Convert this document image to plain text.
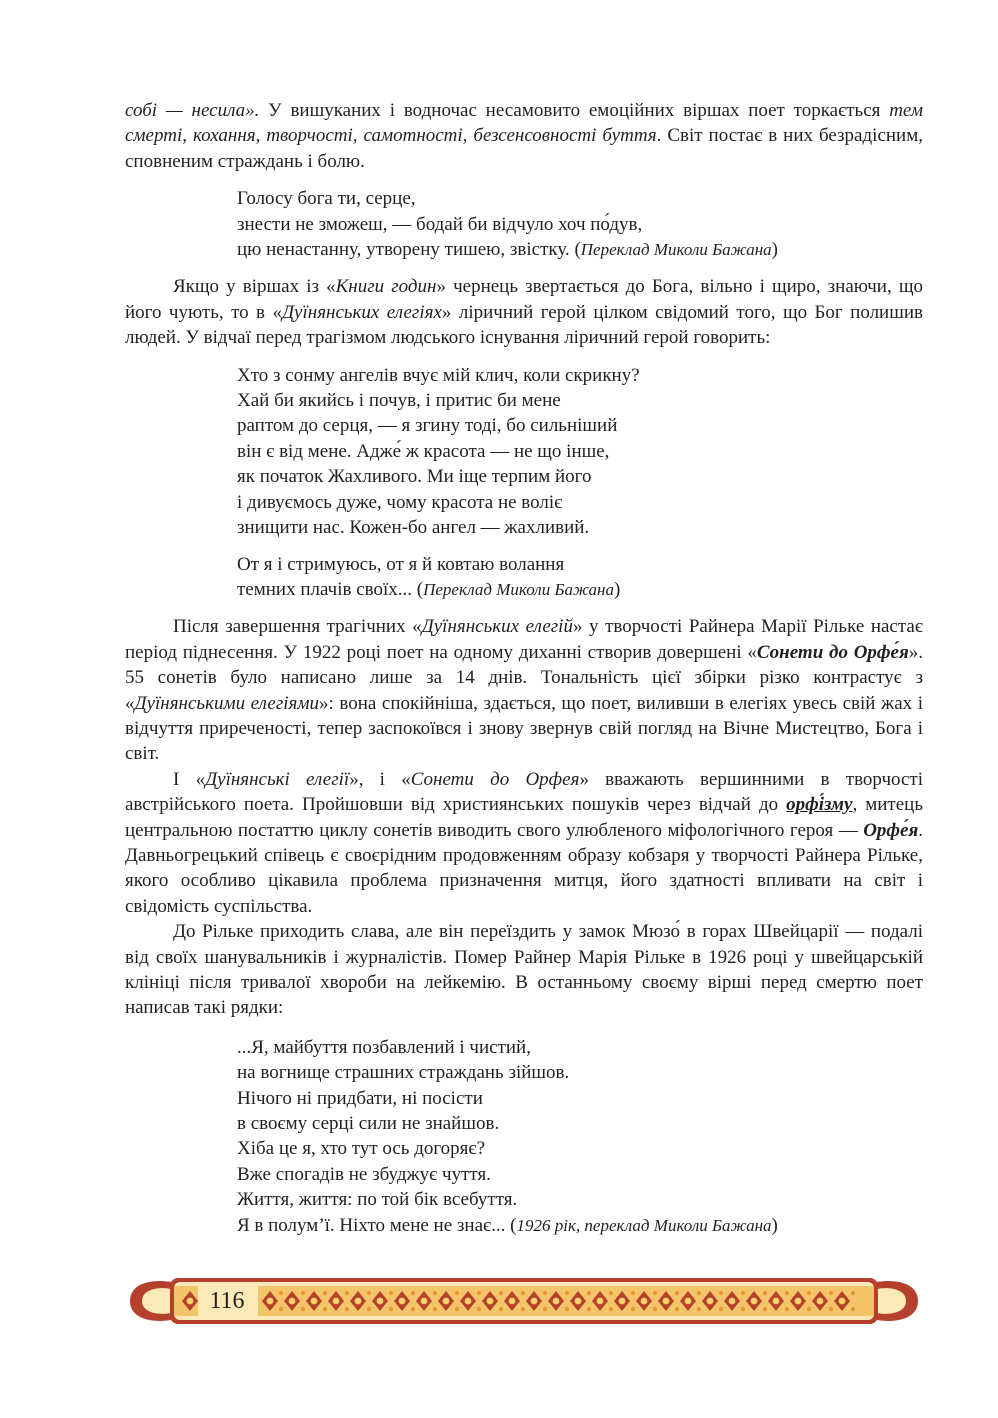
собі — несила». У вишуканих і водночас несамовито емоційних віршах поет торкається тем смерті, кохання, творчості, самотності, безсенсовності буття. Світ постає в них безрадісним, сповненим страждань і болю.

Голосу бога ти, серце,
знести не зможеш, — бодай би відчуло хоч по́дув,
цю ненастанну, утворену тишею, звістку. (Переклад Миколи Бажана)

Якщо у віршах із «Книги годин» чернець звертається до Бога, вільно і щиро, знаючи, що його чують, то в «Дуїнянських елегіях» ліричний герой цілком свідомий того, що Бог полишив людей. У відчаї перед трагізмом людського існування ліричний герой говорить:

Хто з сонму ангелів вчує мій клич, коли скрикну?
Хай би якийсь і почув, і притис би мене
раптом до серця, — я згину тоді, бо сильніший
він є від мене. Адже́ ж красота — не що інше,
як початок Жахливого. Ми іще терпим його
і дивуємось дуже, чому красота не воліє
знищити нас. Кожен-бо ангел — жахливий.
От я і стримуюсь, от я й ковтаю волання
темних плачів своїх... (Переклад Миколи Бажана)

Після завершення трагічних «Дуїнянських елегій» у творчості Райнера Марії Рільке настає період піднесення. У 1922 році поет на одному диханні створив довершені «Сонети до Орфе́я». 55 сонетів було написано лише за 14 днів. Тональність цієї збірки різко контрастує з «Дуїнянськими елегіями»: вона спокійніша, здається, що поет, виливши в елегіях увесь свій жах і відчуття приреченості, тепер заспокоївся і знову звернув свій погляд на Вічне Мистецтво, Бога і світ.

І «Дуїнянські елегії», і «Сонети до Орфея» вважають вершинними в творчості австрійського поета. Пройшовши від християнських пошуків через відчай до орфі́зму, митець центральною постаттю циклу сонетів виводить свого улюбленого міфологічного героя — Орфе́я. Давньогрецький співець є своєрідним продовженням образу кобзаря у творчості Райнера Рільке, якого особливо цікавила проблема призначення митця, його здатності впливати на світ і свідомість суспільства.

До Рільке приходить слава, але він переїздить у замок Мюзо́ в горах Швейцарії — подалі від своїх шанувальників і журналістів. Помер Райнер Марія Рільке в 1926 році у швейцарській клініці після тривалої хвороби на лейкемію. В останньому своєму вірші перед смертю поет написав такі рядки:

...Я, майбуття позбавлений і чистий,
на вогнище страшних страждань зійшов.
Нічого ні придбати, ні посісти
в своєму серці сили не знайшов.
Хіба це я, хто тут ось догоряє?
Вже спогадів не збуджує чуття.
Життя, життя: по той бік всебуття.
Я в полум’ї. Ніхто мене не знає... (1926 рік, переклад Миколи Бажана)
116
